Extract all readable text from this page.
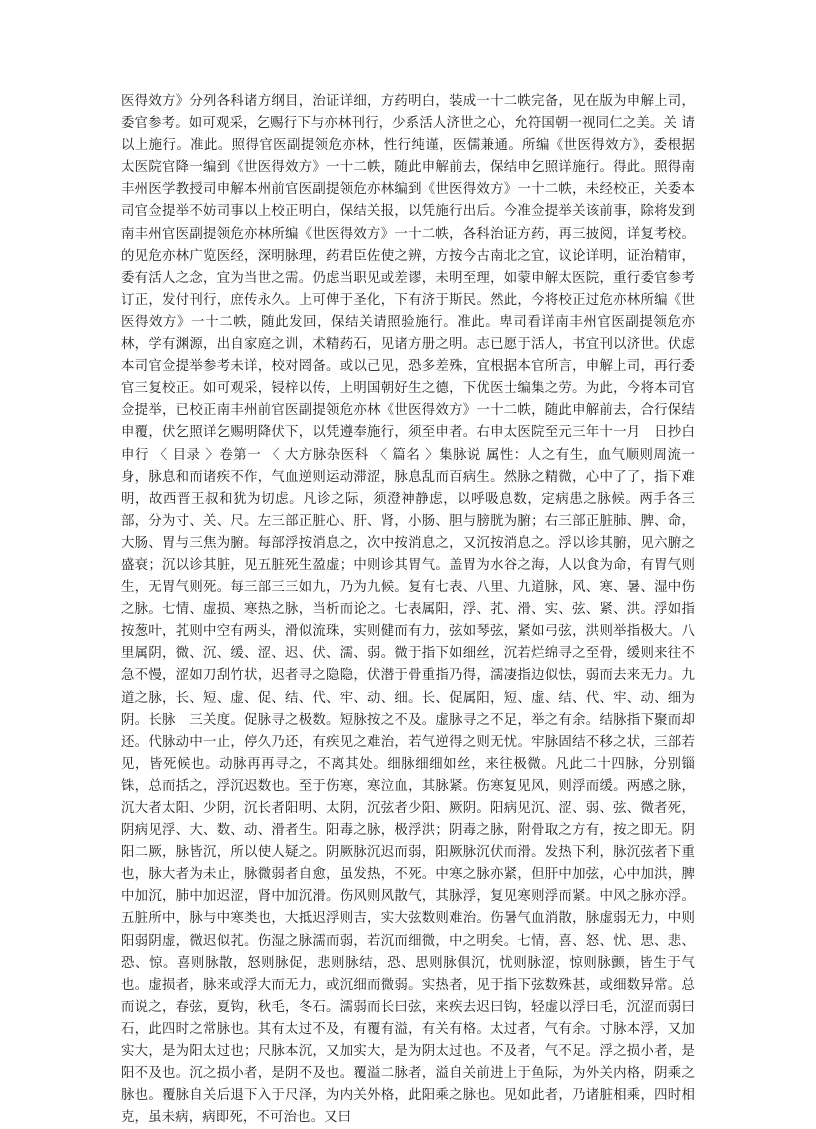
医得效方》分列各科诸方纲目，治证详细，方药明白，装成一十二帙完备，见在版为申解上司，委官参考。如可观采，乞赐行下与亦林刊行，少系活人济世之心，允符国朝一视同仁之美。关 请以上施行。准此。照得官医副提领危亦林，性行纯谨，医儒兼通。所编《世医得效方》，委根据太医院官降一编到《世医得效方》一十二帙，随此申解前去，保结申乞照详施行。得此。照得南丰州医学教授司申解本州前官医副提领危亦林编到《世医得效方》一十二帙，未经校正，关委本司官佥提举不妨司事以上校正明白，保结关报，以凭施行出后。今准佥提举关该前事，除将发到南丰州官医副提领危亦林所编《世医得效方》一十二帙，各科治证方药，再三披阅，详复考校。的见危亦林广览医经，深明脉理，药君臣佐使之辨，方按今古南北之宜，议论详明，证治精审，委有活人之念，宜为当世之需。仍虑当职见或差谬，未明至理，如蒙申解太医院，重行委官参考订正，发付刊行，庶传永久。上可俾于圣化，下有济于斯民。然此，今将校正过危亦林所编《世医得效方》一十二帙，随此发回，保结关请照验施行。准此。卑司看详南丰州官医副提领危亦林，学有渊源，出自家庭之训，术精药石，见诸方册之明。志已愿于活人，书宜刊以济世。伏虑本司官佥提举参考未详，校对罔备。或以己见，恐多差殊，宜根据本官所言，申解上司，再行委官三复校正。如可观采，锓梓以传，上明国朝好生之德，下优医士编集之劳。为此，今将本司官佥提举，已校正南丰州前官医副提领危亦林《世医得效方》一十二帙，随此申解前去，合行保结申覆，伏乞照详乞赐明降伏下，以凭遵奉施行，须至申者。右申太医院至元三年十一月　日抄白申行 〈 目录 〉卷第一 〈 大方脉杂医科 〈 篇名 〉集脉说 属性：人之有生，血气顺则周流一身，脉息和而诸疾不作，气血逆则运动滞涩，脉息乱而百病生。然脉之精微，心中了了，指下难明，故西晋王叔和犹为切虑。凡诊之际，须澄神静虑，以呼吸息数，定病患之脉候。两手各三部，分为寸、关、尺。左三部正脏心、肝、肾，小肠、胆与膀胱为腑；右三部正脏肺、脾、命，大肠、胃与三焦为腑。每部浮按消息之，次中按消息之，又沉按消息之。浮以诊其腑，见六腑之盛衰；沉以诊其脏，见五脏死生盈虚；中则诊其胃气。盖胃为水谷之海，人以食为命，有胃气则生，无胃气则死。每三部三三如九，乃为九候。复有七表、八里、九道脉，风、寒、暑、湿中伤之脉。七情、虚损、寒热之脉，当析而论之。七表属阳，浮、芤、滑、实、弦、紧、洪。浮如指按葱叶，芤则中空有两头，滑似流珠，实则健而有力，弦如琴弦，紧如弓弦，洪则举指极大。八里属阴，微、沉、缓、涩、迟、伏、濡、弱。微于指下如细丝，沉若烂绵寻之至骨，缓则来往不急不慢，涩如刀刮竹状，迟者寻之隐隐，伏潜于骨重指乃得，濡凄指边似怯，弱而去来无力。九道之脉，长、短、虚、促、结、代、牢、动、细。长、促属阳，短、虚、结、代、牢、动、细为阴。长脉　三关度。促脉寻之极数。短脉按之不及。虚脉寻之不足，举之有余。结脉指下聚而却还。代脉动中一止，停久乃还，有疾见之难治，若气逆得之则无忧。牢脉固结不移之状，三部若见，皆死候也。动脉再再寻之，不离其处。细脉细细如丝，来往极微。凡此二十四脉，分别锱铢，总而括之，浮沉迟数也。至于伤寒，寒泣血，其脉紧。伤寒复见风，则浮而缓。两感之脉，沉大者太阳、少阴，沉长者阳明、太阴，沉弦者少阳、厥阴。阳病见沉、涩、弱、弦、微者死，阴病见浮、大、数、动、滑者生。阳毒之脉，极浮洪；阴毒之脉，附骨取之方有，按之即无。阴阳二厥，脉皆沉，所以使人疑之。阴厥脉沉迟而弱，阳厥脉沉伏而滑。发热下利，脉沉弦者下重也，脉大者为未止，脉微弱者自愈，虽发热，不死。中寒之脉亦紧，但肝中加弦，心中加洪，脾中加沉，肺中加迟涩，肾中加沉滑。伤风则风散气，其脉浮，复见寒则浮而紧。中风之脉亦浮。五脏所中，脉与中寒类也，大抵迟浮则吉，实大弦数则难治。伤暑气血消散，脉虚弱无力，中则阳弱阴虚，微迟似芤。伤湿之脉濡而弱，若沉而细微，中之明矣。七情，喜、怒、忧、思、悲、恐、惊。喜则脉散，怒则脉促，悲则脉结，恐、思则脉俱沉，忧则脉涩，惊则脉颤，皆生于气也。虚损者，脉来或浮大而无力，或沉细而微弱。实热者，见于指下弦数殊甚，或细数异常。总而说之，春弦，夏钩，秋毛，冬石。濡弱而长曰弦，来疾去迟曰钩，轻虚以浮曰毛，沉涩而弱曰石，此四时之常脉也。其有太过不及，有覆有溢，有关有格。太过者，气有余。寸脉本浮，又加实大，是为阳太过也；尺脉本沉，又加实大，是为阴太过也。不及者，气不足。浮之损小者，是阳不及也。沉之损小者，是阴不及也。覆溢二脉者，溢自关前进上于鱼际，为外关内格，阴乘之脉也。覆脉自关后退下入于尺泽，为内关外格，此阳乘之脉也。见如此者，乃诸脏相乘，四时相克，虽未病，病即死，不可治也。又曰
